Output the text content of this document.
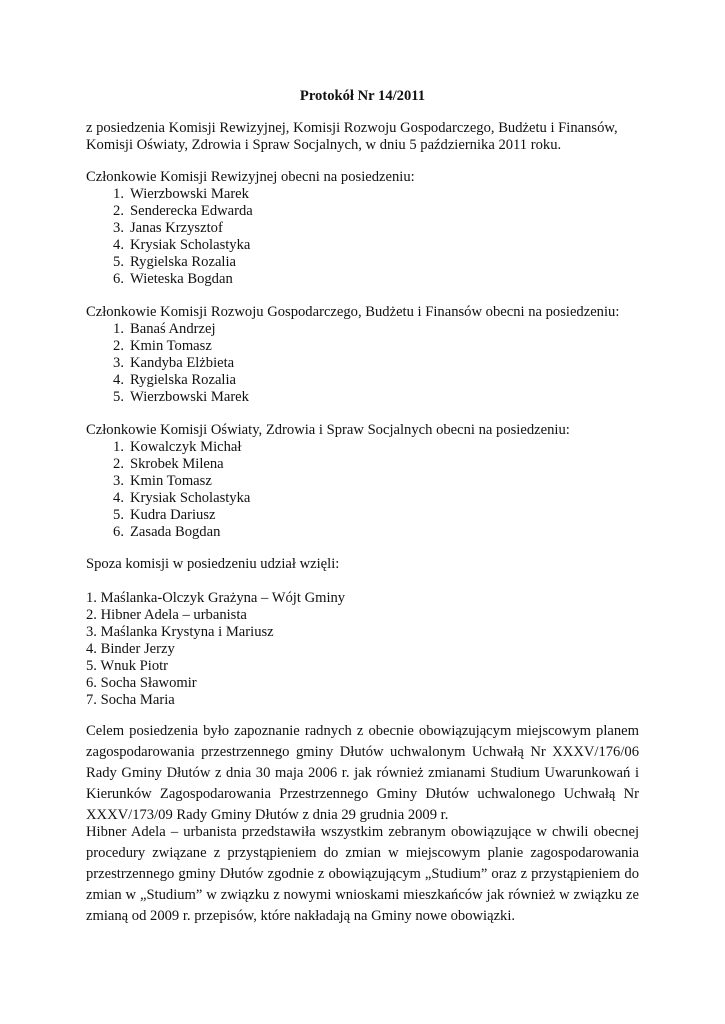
Protokół Nr 14/2011

z posiedzenia Komisji Rewizyjnej, Komisji Rozwoju Gospodarczego, Budżetu i Finansów,

Komisji Oświaty, Zdrowia i Spraw Socjalnych, w dniu 5 października 2011 roku.

Członkowie Komisji Rewizyjnej obecni na posiedzeniu:

1. Wierzbowski Marek
2. Senderecka Edwarda
3. Janas Krzysztof
4. Krysiak Scholastyka
5. Rygielska Rozalia
6. Wieteska Bogdan

Członkowie Komisji Rozwoju Gospodarczego, Budżetu i Finansów obecni na posiedzeniu:

1. Banaś Andrzej
2. Kmin Tomasz
3. Kandyba Elżbieta
4. Rygielska Rozalia
5. Wierzbowski Marek

Członkowie Komisji Oświaty, Zdrowia i Spraw Socjalnych obecni na posiedzeniu:

1. Kowalczyk Michał
2. Skrobek Milena
3. Kmin Tomasz
4. Krysiak Scholastyka
5. Kudra Dariusz
6. Zasada Bogdan

Spoza komisji w posiedzeniu udział wzięli:

1. Maślanka-Olczyk Grażyna – Wójt Gminy
2. Hibner Adela – urbanista
3. Maślanka Krystyna i Mariusz
4. Binder Jerzy
5. Wnuk Piotr
6. Socha Sławomir
7. Socha Maria
Celem posiedzenia było zapoznanie radnych z obecnie obowiązującym miejscowym planem
zagospodarowania przestrzennego gminy Dłutów uchwalonym Uchwałą Nr XXXV/176/06
Rady Gminy Dłutów z dnia 30 maja 2006 r. jak również zmianami Studium Uwarunkowań i
Kierunków Zagospodarowania Przestrzennego Gminy Dłutów uchwalonego Uchwałą Nr
XXXV/173/09 Rady Gminy Dłutów z dnia 29 grudnia 2009 r.
Hibner Adela – urbanista przedstawiła wszystkim zebranym obowiązujące w chwili obecnej
procedury związane z przystąpieniem do zmian w miejscowym planie zagospodarowania
przestrzennego gminy Dłutów zgodnie z obowiązującym „Studium” oraz z przystąpieniem do
zmian w „Studium” w związku z nowymi wnioskami mieszkańców jak również w związku ze
zmianą od 2009 r. przepisów, które nakładają na Gminy nowe obowiązki.
